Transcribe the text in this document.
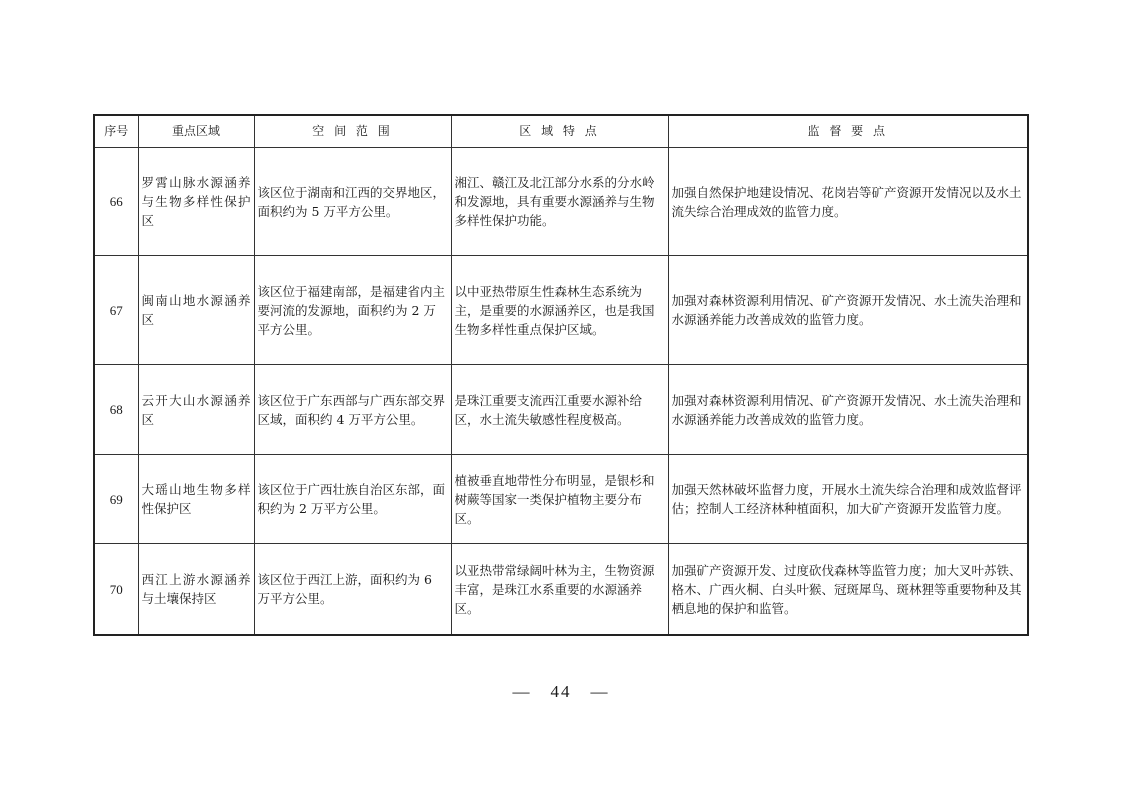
序号	重点区域	空 间 范 围	区 域 特 点	监 督 要 点
66	罗霄山脉水源涵养与生物多样性保护区	该区位于湖南和江西的交界地区，面积约为 5 万平方公里。	湘江、赣江及北江部分水系的分水岭和发源地，具有重要水源涵养与生物多样性保护功能。	加强自然保护地建设情况、花岗岩等矿产资源开发情况以及水土流失综合治理成效的监管力度。
67	闽南山地水源涵养区	该区位于福建南部，是福建省内主要河流的发源地，面积约为 2 万平方公里。	以中亚热带原生性森林生态系统为主，是重要的水源涵养区，也是我国生物多样性重点保护区域。	加强对森林资源利用情况、矿产资源开发情况、水土流失治理和水源涵养能力改善成效的监管力度。
68	云开大山水源涵养区	该区位于广东西部与广西东部交界区域，面积约 4 万平方公里。	是珠江重要支流西江重要水源补给区，水土流失敏感性程度极高。	加强对森林资源利用情况、矿产资源开发情况、水土流失治理和水源涵养能力改善成效的监管力度。
69	大瑶山地生物多样性保护区	该区位于广西壮族自治区东部，面积约为 2 万平方公里。	植被垂直地带性分布明显，是银杉和树蕨等国家一类保护植物主要分布区。	加强天然林破坏监督力度，开展水土流失综合治理和成效监督评估；控制人工经济林种植面积，加大矿产资源开发监管力度。
70	西江上游水源涵养与土壤保持区	该区位于西江上游，面积约为 6 万平方公里。	以亚热带常绿阔叶林为主，生物资源丰富，是珠江水系重要的水源涵养区。	加强矿产资源开发、过度砍伐森林等监管力度；加大叉叶苏铁、格木、广西火桐、白头叶猴、冠斑犀鸟、斑林狸等重要物种及其栖息地的保护和监管。
—　44　—
